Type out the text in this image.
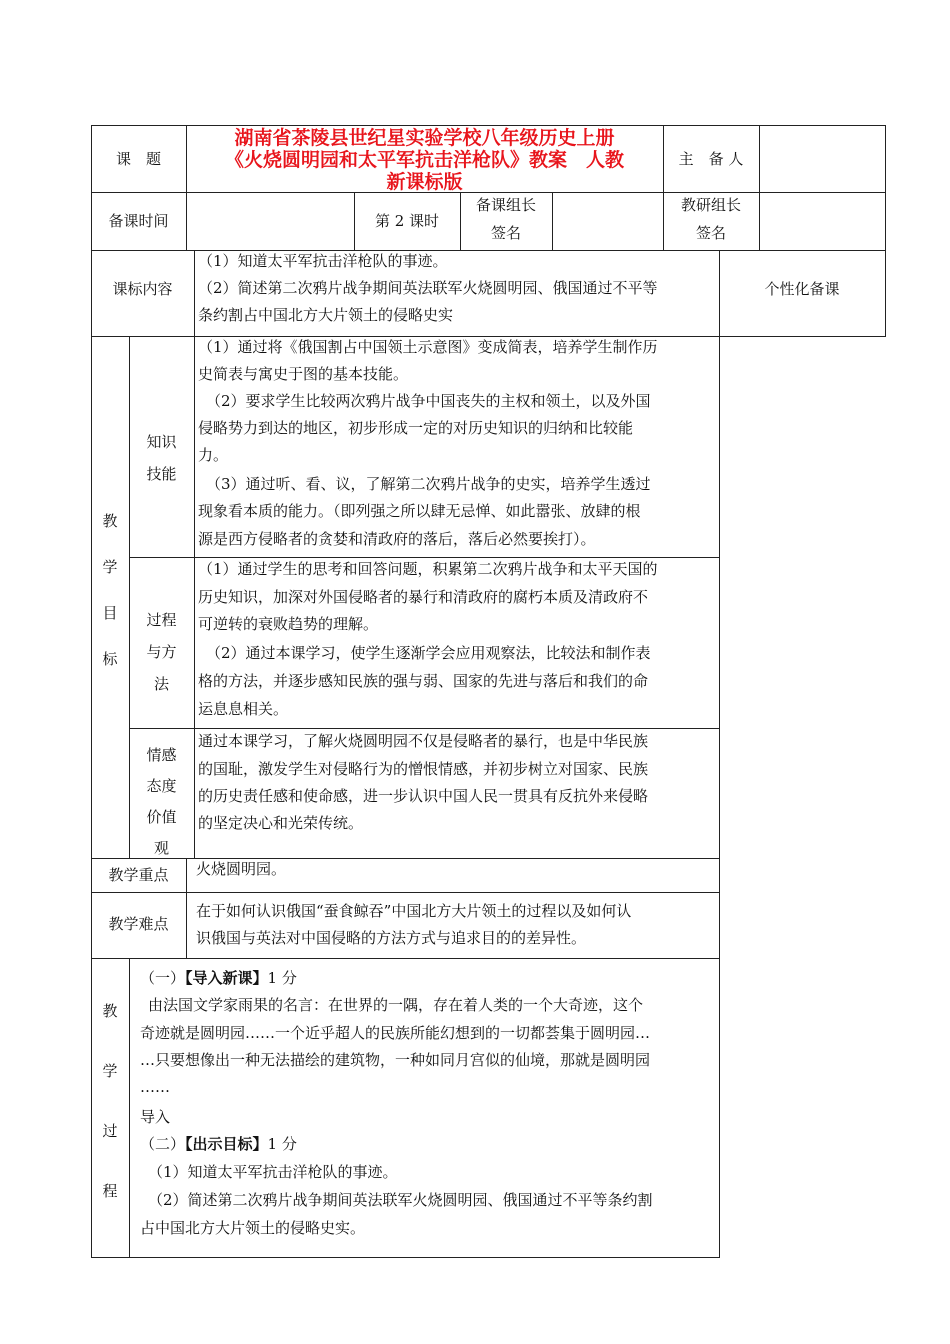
课　题
湖南省茶陵县世纪星实验学校八年级历史上册
《火烧圆明园和太平军抗击洋枪队》教案　人教
新课标版
主　备 人
备课时间	第 2 课时
备课组长
签名
教研组长
签名
课标内容
（1）知道太平军抗击洋枪队的事迹。
（2）简述第二次鸦片战争期间英法联军火烧圆明园、俄国通过不平等
条约割占中国北方大片领土的侵略史实
个性化备课
教
学
目
标
知识
技能
（1）通过将《俄国割占中国领土示意图》变成简表，培养学生制作历
史简表与寓史于图的基本技能。
（2）要求学生比较两次鸦片战争中国丧失的主权和领土，以及外国
侵略势力到达的地区，初步形成一定的对历史知识的归纳和比较能
力。
（3）通过听、看、议，了解第二次鸦片战争的史实，培养学生透过
现象看本质的能力。（即列强之所以肆无忌惮、如此嚣张、放肆的根
源是西方侵略者的贪婪和清政府的落后，落后必然要挨打）。
过程
与方
法
（1）通过学生的思考和回答问题，积累第二次鸦片战争和太平天国的
历史知识，加深对外国侵略者的暴行和清政府的腐朽本质及清政府不
可逆转的衰败趋势的理解。
（2）通过本课学习，使学生逐渐学会应用观察法，比较法和制作表
格的方法，并逐步感知民族的强与弱、国家的先进与落后和我们的命
运息息相关。
情感
态度
价值
观
通过本课学习，了解火烧圆明园不仅是侵略者的暴行，也是中华民族
的国耻，激发学生对侵略行为的憎恨情感，并初步树立对国家、民族
的历史责任感和使命感，进一步认识中国人民一贯具有反抗外来侵略
的坚定决心和光荣传统。
教学重点	火烧圆明园。
教学难点
在于如何认识俄国“蚕食鲸吞”中国北方大片领土的过程以及如何认
识俄国与英法对中国侵略的方法方式与追求目的的差异性。
教
学
过
程
（一）【导入新课】1 分
由法国文学家雨果的名言：在世界的一隅，存在着人类的一个大奇迹，这个
奇迹就是圆明园……一个近乎超人的民族所能幻想到的一切都荟集于圆明园…
…只要想像出一种无法描绘的建筑物，一种如同月宫似的仙境，那就是圆明园
……
导入
（二）【出示目标】1 分
（1）知道太平军抗击洋枪队的事迹。
（2）简述第二次鸦片战争期间英法联军火烧圆明园、俄国通过不平等条约割
占中国北方大片领土的侵略史实。
